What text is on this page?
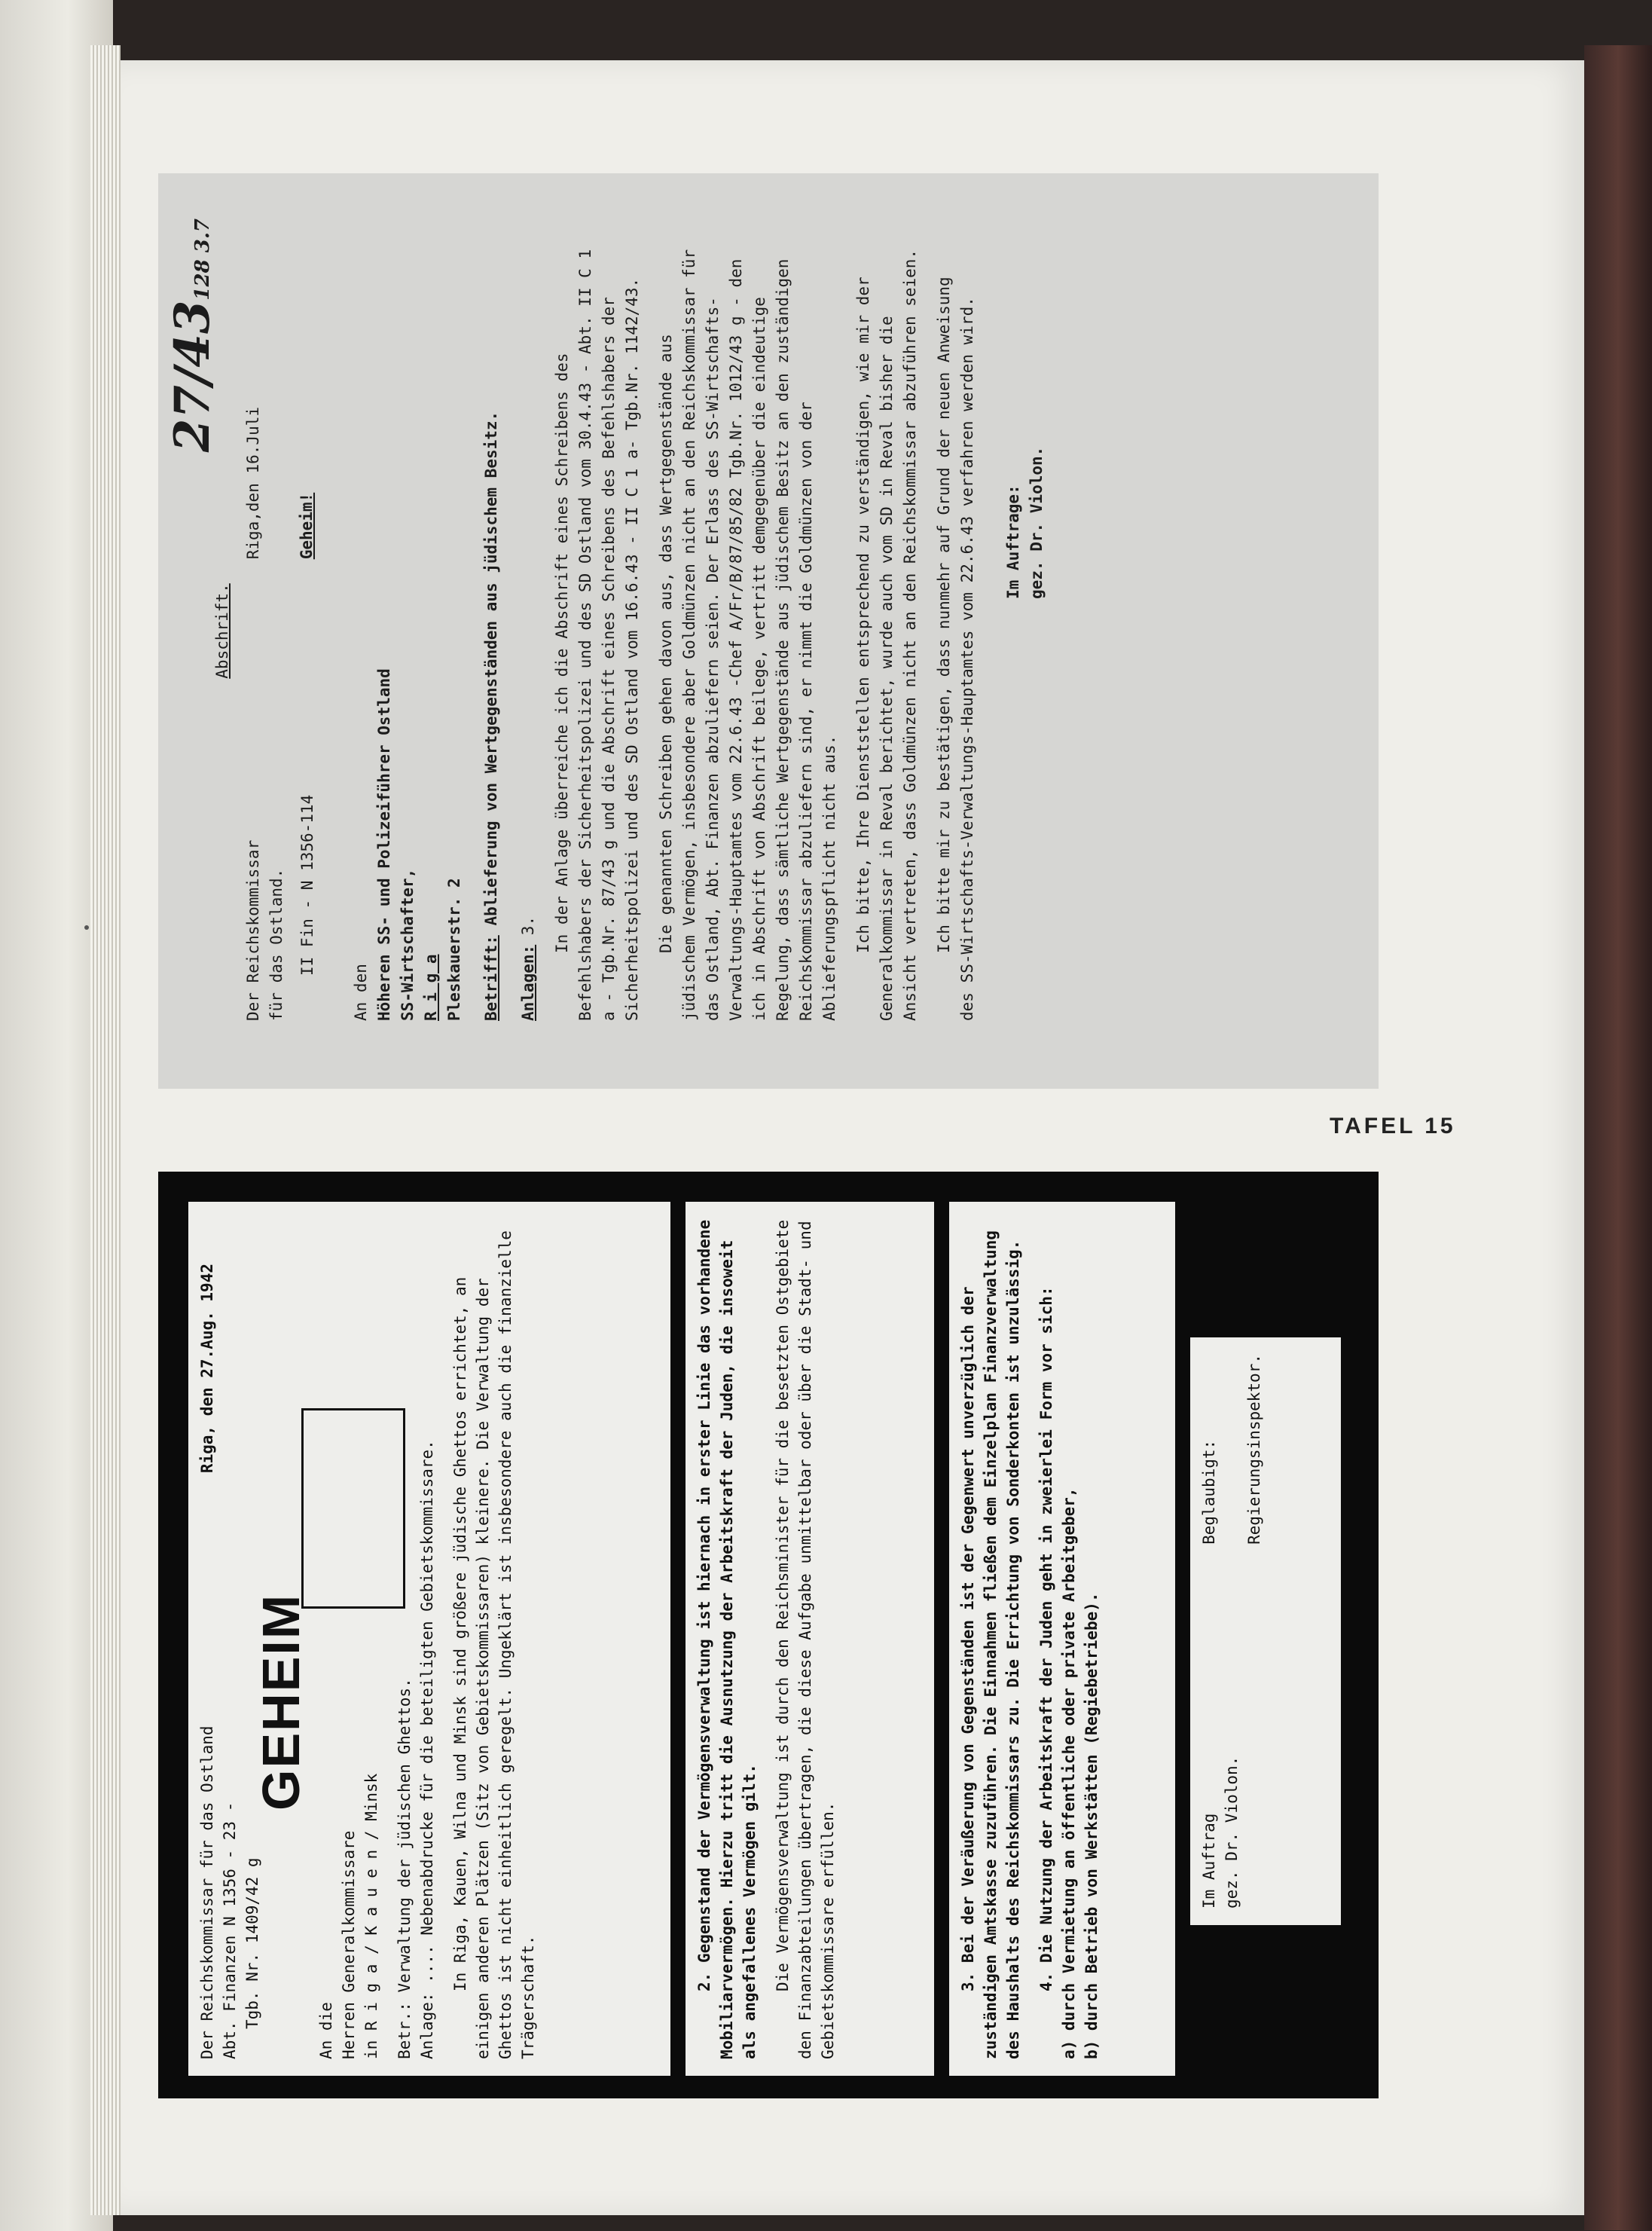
27/43128 3.7
Abschrift.
Der Reichskommissar für das Ostland. II Fin - N 1356-114
Riga,den 16.Juli Geheim!
An den Höheren SS- und Polizeiführer Ostland SS-Wirtschafter, R i g a Pleskauerstr. 2 Betrifft: Ablieferung von Wertgegenständen aus jüdischem Besitz.
Anlagen: 3. In der Anlage überreiche ich die Abschrift eines Schreibens des Befehlshabers der Sicherheitspolizei und des SD Ostland vom 30.4.43 - Abt. II C 1 a - Tgb.Nr. 87/43 g und die Abschrift eines Schreibens des Befehlshabers der Sicherheitspolizei und des SD Ostland vom 16.6.43 - II C 1 a- Tgb.Nr. 1142/43. Die genannten Schreiben gehen davon aus, dass Wertgegenstände aus jüdischem Vermögen, insbesondere aber Goldmünzen nicht an den Reichskommissar für das Ostland, Abt. Finanzen abzuliefern seien. Der Erlass des SS-Wirtschafts-Verwaltungs-Hauptamtes vom 22.6.43 -Chef A/Fr/B/87/85/82 Tgb.Nr. 1012/43 g - den ich in Abschrift von Abschrift beilege, vertritt demgegenüber die eindeutige Regelung, dass sämtliche Wertgegenstände aus jüdischem Besitz an den zuständigen Reichskommissar abzuliefern sind, er nimmt die Goldmünzen von der Ablieferungspflicht nicht aus. Ich bitte, Ihre Dienststellen entsprechend zu verständigen, wie mir der Generalkommissar in Reval berichtet, wurde auch vom SD in Reval bisher die Ansicht vertreten, dass Goldmünzen nicht an den Reichskommissar abzuführen seien. Ich bitte mir zu bestätigen, dass nunmehr auf Grund der neuen Anweisung des SS-Wirtschafts-Verwaltungs-Hauptamtes vom 22.6.43 verfahren werden wird. Im Auftrage: gez. Dr. Violon.
TAFEL 15
Der Reichskommissar für das Ostland Abt. Finanzen N 1356 - 23 - Tgb. Nr. 1409/42 g
Riga, den 27.Aug. 1942
GEHEIM
An die Herren Generalkommissare in R i g a / K a u e n / Minsk Betr.: Verwaltung der jüdischen Ghettos. Anlage: .... Nebenabdrucke für die beteiligten Gebietskommissare. In Riga, Kauen, Wilna und Minsk sind größere jüdische Ghettos errichtet, an einigen anderen Plätzen (Sitz von Gebietskommissaren) kleinere. Die Verwaltung der Ghettos ist nicht einheitlich geregelt. Ungeklärt ist insbesondere auch die finanzielle Trägerschaft.
2. Gegenstand der Vermögensverwaltung ist hiernach in erster Linie das vorhandene Mobiliarvermögen. Hierzu tritt die Ausnutzung der Arbeitskraft der Juden, die insoweit als angefallenes Vermögen gilt. Die Vermögensverwaltung ist durch den Reichsminister für die besetzten Ostgebiete den Finanzabteilungen übertragen, die diese Aufgabe unmittelbar oder über die Stadt- und Gebietskommissare erfüllen.	3. Bei der Veräußerung von Gegenständen ist der Gegenwert unverzüglich der zuständigen Amtskasse zuzuführen. Die Einnahmen fließen dem Einzelplan Finanzverwaltung des Haushalts des Reichskommissars zu. Die Errichtung von Sonderkonten ist unzulässig. 4. Die Nutzung der Arbeitskraft der Juden geht in zweierlei Form vor sich: a) durch Vermietung an öffentliche oder private Arbeitgeber, b) durch Betrieb von Werkstätten (Regiebetriebe).	Im Auftrag gez. Dr. Violon.
Beglaubigt: Regierungsinspektor.
